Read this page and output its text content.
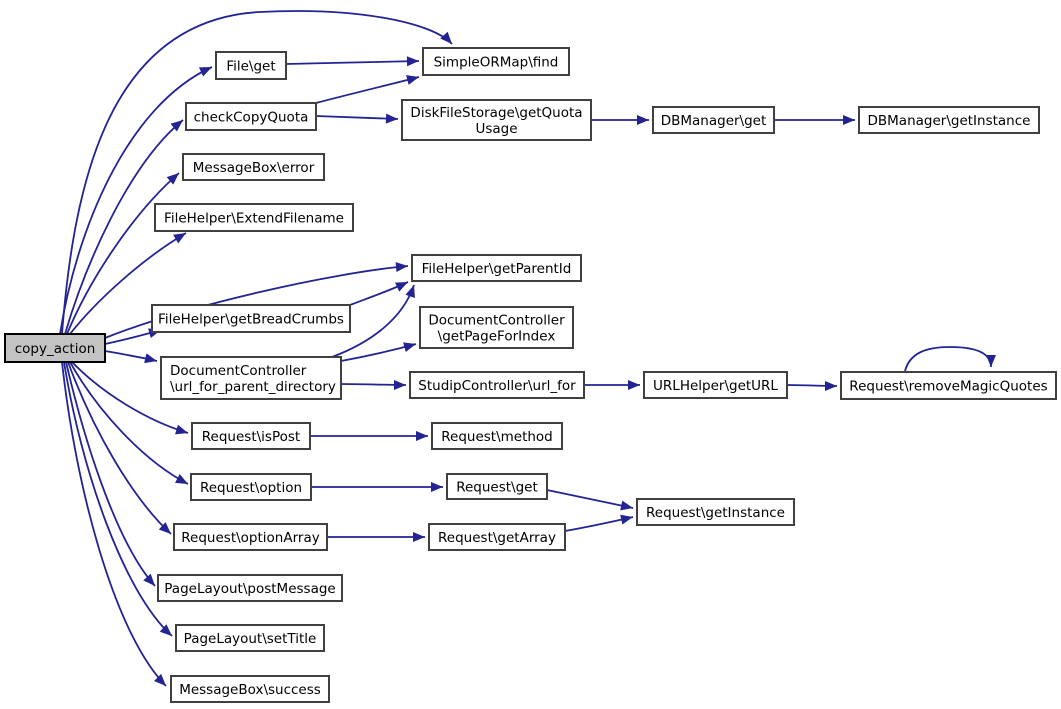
copy_action
File\get	SimpleORMap\find
checkCopyQuota	DiskFileStorage\getQuota
Usage	DBManager\get	DBManager\getInstance
MessageBox\error
FileHelper\ExtendFilename
FileHelper\getParentId
FileHelper\getBreadCrumbs	DocumentController
\getPageForIndex
DocumentController
\url_for_parent_directory	StudipController\url_for	URLHelper\getURL	Request\removeMagicQuotes
Request\isPost	Request\method
Request\option	Request\get
Request\getInstance
Request\optionArray	Request\getArray
PageLayout\postMessage
PageLayout\setTitle
MessageBox\success
